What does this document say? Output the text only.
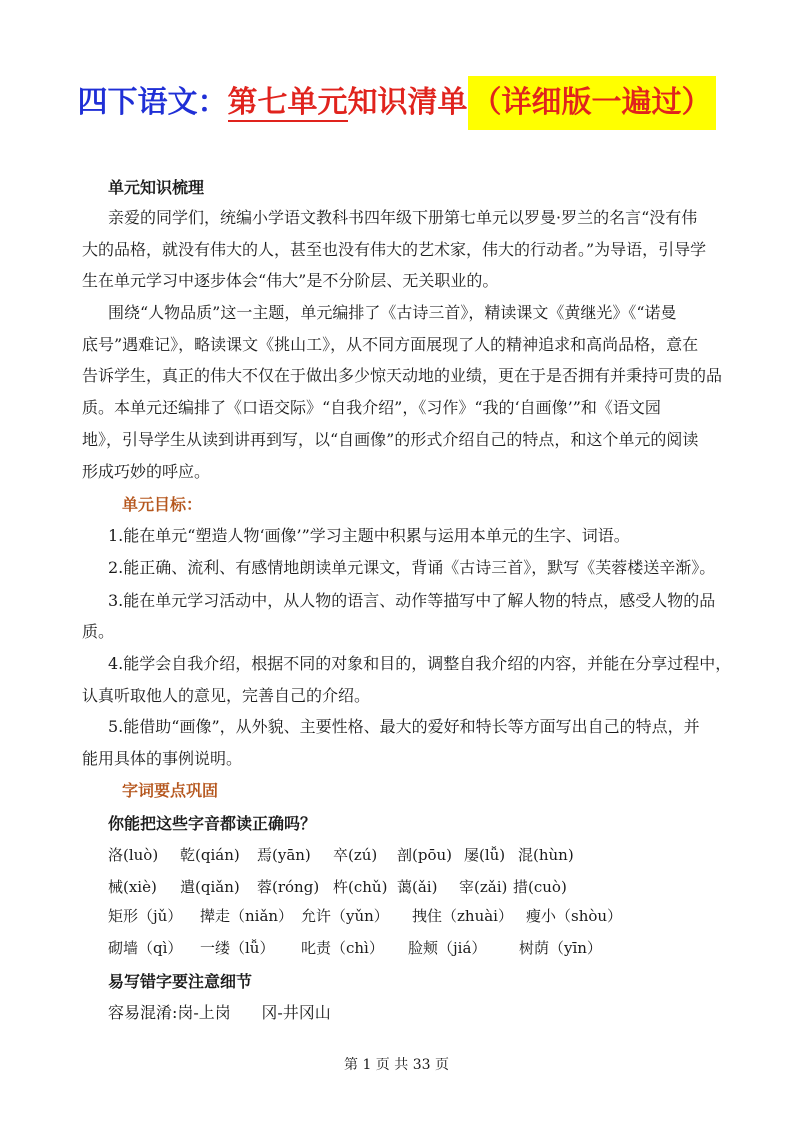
四下语文：第七单元知识清单 （详细版一遍过）
单元知识梳理
亲爱的同学们，统编小学语文教科书四年级下册第七单元以罗曼·罗兰的名言“没有伟
大的品格，就没有伟大的人，甚至也没有伟大的艺术家，伟大的行动者。”为导语，引导学
生在单元学习中逐步体会“伟大”是不分阶层、无关职业的。
围绕“人物品质”这一主题，单元编排了《古诗三首》，精读课文《黄继光》《“诺曼
底号”遇难记》，略读课文《挑山工》，从不同方面展现了人的精神追求和高尚品格，意在
告诉学生，真正的伟大不仅在于做出多少惊天动地的业绩，更在于是否拥有并秉持可贵的品
质。本单元还编排了《口语交际》“自我介绍”，《习作》“我的‘自画像’”和《语文园
地》，引导学生从读到讲再到写，以“自画像”的形式介绍自己的特点，和这个单元的阅读
形成巧妙的呼应。
单元目标：
1.能在单元“塑造人物‘画像’”学习主题中积累与运用本单元的生字、词语。
2.能正确、流利、有感情地朗读单元课文，背诵《古诗三首》，默写《芙蓉楼送辛渐》。
3.能在单元学习活动中，从人物的语言、动作等描写中了解人物的特点，感受人物的品
质。
4.能学会自我介绍，根据不同的对象和目的，调整自我介绍的内容，并能在分享过程中，
认真听取他人的意见，完善自己的介绍。
5.能借助“画像”，从外貌、主要性格、最大的爱好和特长等方面写出自己的特点，并
能用具体的事例说明。
字词要点巩固
你能把这些字音都读正确吗？
洛(luò) 乾(qián) 焉(yān) 卒(zú) 剖(pōu) 屡(lǚ) 混(hùn)
械(xiè) 遣(qiǎn) 蓉(róng) 杵(chǔ) 蔼(ǎi) 宰(zǎi) 措(cuò)
矩形（jǔ） 撵走（niǎn） 允许（yǔn） 拽住（zhuài） 瘦小（shòu）
砌墙（qì） 一缕（lǚ） 叱责（chì） 脸颊（jiá） 树荫（yīn）
易写错字要注意细节
容易混淆:岗-上岗      冈-井冈山
第 1 页 共 33 页
